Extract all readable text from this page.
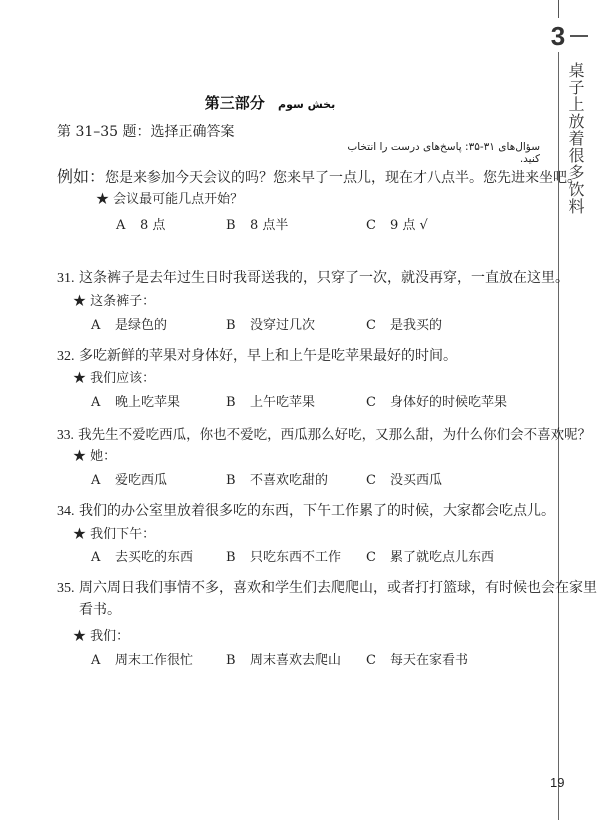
3
桌子上放着很多饮料
第三部分 بخش سوم
第 31–35 题：选择正确答案
سؤال‌های ۳۱-۳۵: پاسخ‌های درست را انتخاب کنید.
例如：您是来参加今天会议的吗？您来早了一点儿，现在才八点半。您先进来坐吧。
★ 会议最可能几点开始？
A 8 点	B 8 点半	C 9 点 √
31. 这条裤子是去年过生日时我哥送我的，只穿了一次，就没再穿，一直放在这里。
★ 这条裤子：
A 是绿色的	B 没穿过几次	C 是我买的
32. 多吃新鲜的苹果对身体好，早上和上午是吃苹果最好的时间。
★ 我们应该：
A 晚上吃苹果	B 上午吃苹果	C 身体好的时候吃苹果
33. 我先生不爱吃西瓜，你也不爱吃，西瓜那么好吃，又那么甜，为什么你们会不喜欢呢？
★ 她：
A 爱吃西瓜	B 不喜欢吃甜的	C 没买西瓜
34. 我们的办公室里放着很多吃的东西，下午工作累了的时候，大家都会吃点儿。
★ 我们下午：
A 去买吃的东西	B 只吃东西不工作 C 累了就吃点儿东西
35. 周六周日我们事情不多，喜欢和学生们去爬爬山，或者打打篮球，有时候也会在家里
看书。
★ 我们：
A 周末工作很忙	B 周末喜欢去爬山 C 每天在家看书
19
